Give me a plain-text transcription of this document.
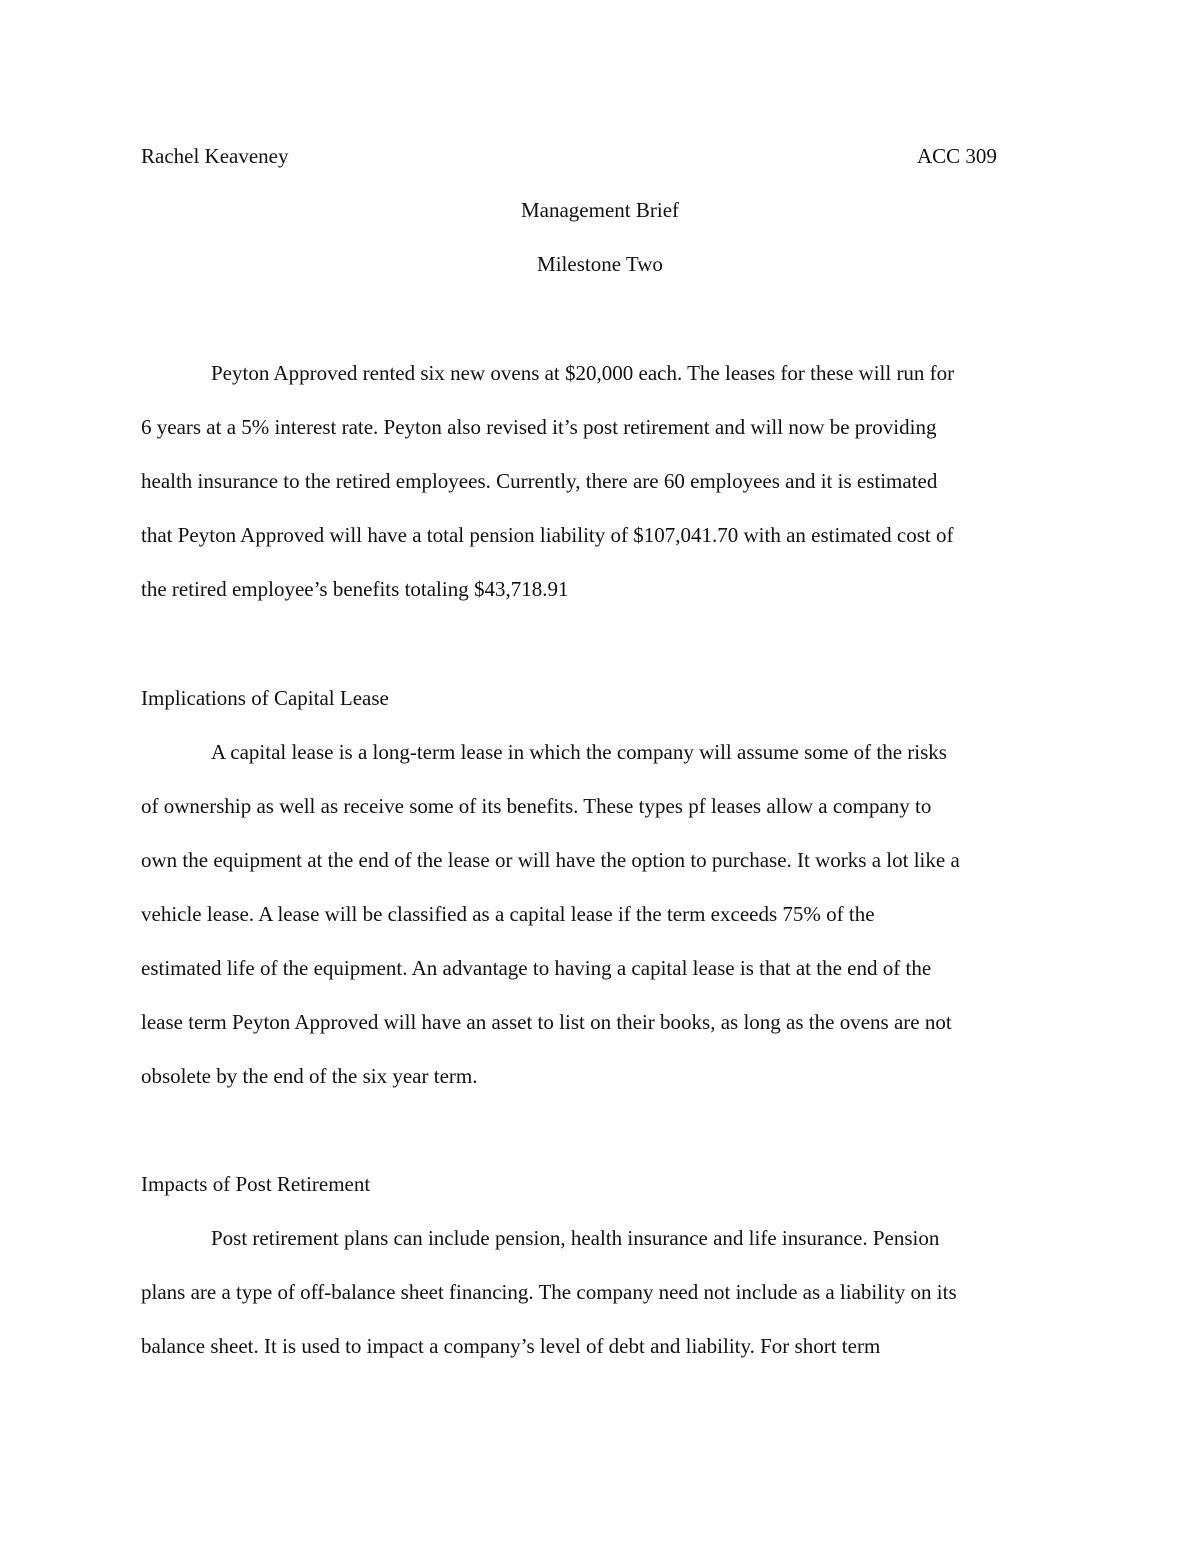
Rachel Keaveney	ACC 309
Management Brief
Milestone Two
Peyton Approved rented six new ovens at $20,000 each. The leases for these will run for
6 years at a 5% interest rate. Peyton also revised it’s post retirement and will now be providing
health insurance to the retired employees. Currently, there are 60 employees and it is estimated
that Peyton Approved will have a total pension liability of $107,041.70 with an estimated cost of
the retired employee’s benefits totaling $43,718.91
Implications of Capital Lease
A capital lease is a long-term lease in which the company will assume some of the risks
of ownership as well as receive some of its benefits. These types pf leases allow a company to
own the equipment at the end of the lease or will have the option to purchase. It works a lot like a
vehicle lease. A lease will be classified as a capital lease if the term exceeds 75% of the
estimated life of the equipment. An advantage to having a capital lease is that at the end of the
lease term Peyton Approved will have an asset to list on their books, as long as the ovens are not
obsolete by the end of the six year term.
Impacts of Post Retirement
Post retirement plans can include pension, health insurance and life insurance. Pension
plans are a type of off-balance sheet financing. The company need not include as a liability on its
balance sheet. It is used to impact a company’s level of debt and liability. For short term
